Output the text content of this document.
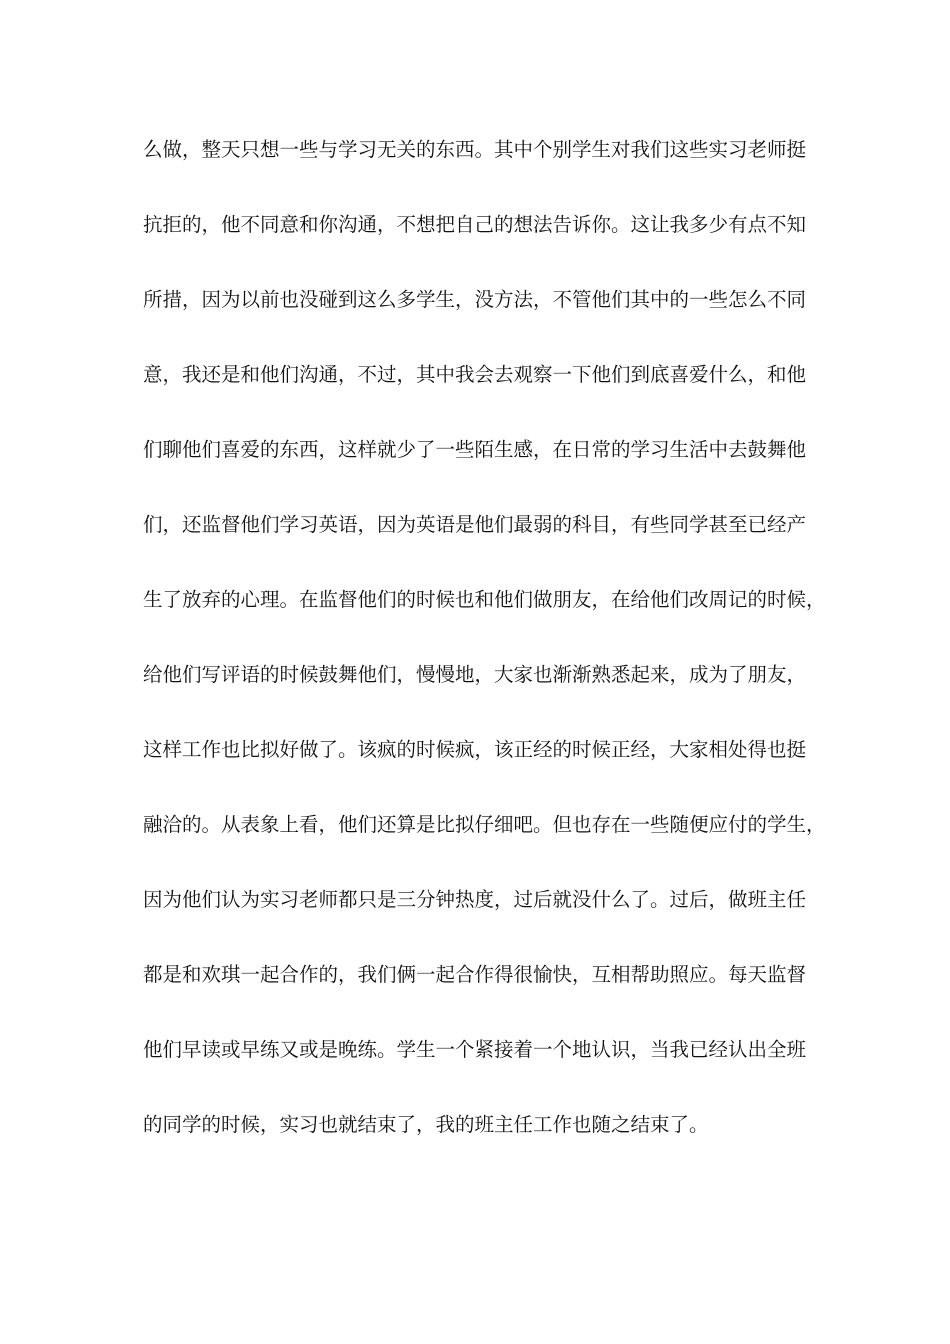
么做，整天只想一些与学习无关的东西。其中个别学生对我们这些实习老师挺
抗拒的，他不同意和你沟通，不想把自己的想法告诉你。这让我多少有点不知
所措，因为以前也没碰到这么多学生，没方法，不管他们其中的一些怎么不同
意，我还是和他们沟通，不过，其中我会去观察一下他们到底喜爱什么，和他
们聊他们喜爱的东西，这样就少了一些陌生感，在日常的学习生活中去鼓舞他
们，还监督他们学习英语，因为英语是他们最弱的科目，有些同学甚至已经产
生了放弃的心理。在监督他们的时候也和他们做朋友，在给他们改周记的时候，
给他们写评语的时候鼓舞他们，慢慢地，大家也渐渐熟悉起来，成为了朋友，
这样工作也比拟好做了。该疯的时候疯，该正经的时候正经，大家相处得也挺
融洽的。从表象上看，他们还算是比拟仔细吧。但也存在一些随便应付的学生，
因为他们认为实习老师都只是三分钟热度，过后就没什么了。过后，做班主任
都是和欢琪一起合作的，我们俩一起合作得很愉快，互相帮助照应。每天监督
他们早读或早练又或是晚练。学生一个紧接着一个地认识，当我已经认出全班
的同学的时候，实习也就结束了，我的班主任工作也随之结束了。
